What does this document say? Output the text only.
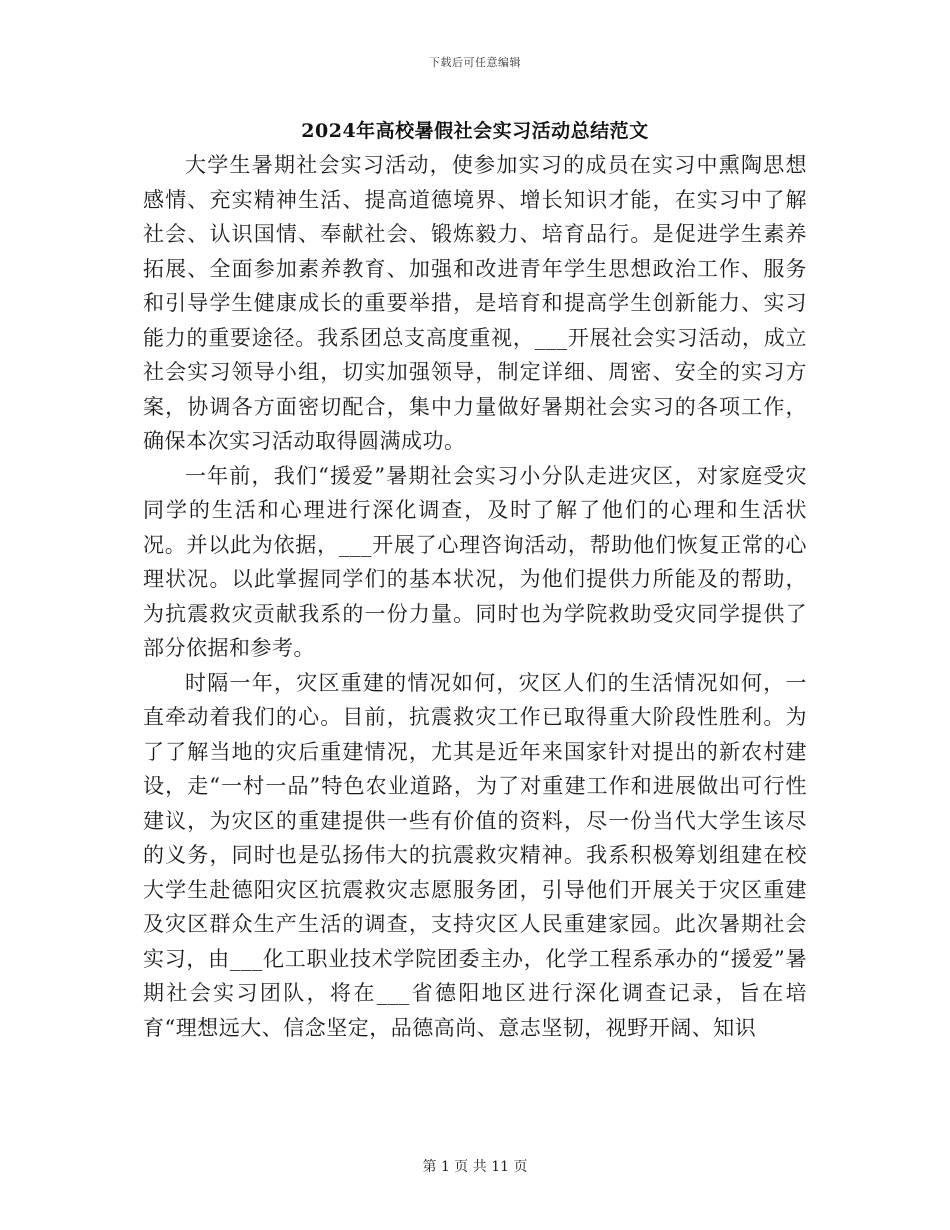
下载后可任意编辑
2024年高校暑假社会实习活动总结范文

大学生暑期社会实习活动，使参加实习的成员在实习中熏陶思想感情、充实精神生活、提高道德境界、增长知识才能，在实习中了解社会、认识国情、奉献社会、锻炼毅力、培育品行。是促进学生素养拓展、全面参加素养教育、加强和改进青年学生思想政治工作、服务和引导学生健康成长的重要举措，是培育和提高学生创新能力、实习能力的重要途径。我系团总支高度重视，___开展社会实习活动，成立社会实习领导小组，切实加强领导，制定详细、周密、安全的实习方案，协调各方面密切配合，集中力量做好暑期社会实习的各项工作，确保本次实习活动取得圆满成功。

一年前，我们“援爱”暑期社会实习小分队走进灾区，对家庭受灾同学的生活和心理进行深化调查，及时了解了他们的心理和生活状况。并以此为依据，___开展了心理咨询活动，帮助他们恢复正常的心理状况。以此掌握同学们的基本状况，为他们提供力所能及的帮助，为抗震救灾贡献我系的一份力量。同时也为学院救助受灾同学提供了部分依据和参考。

时隔一年，灾区重建的情况如何，灾区人们的生活情况如何，一直牵动着我们的心。目前，抗震救灾工作已取得重大阶段性胜利。为了了解当地的灾后重建情况，尤其是近年来国家针对提出的新农村建设，走“一村一品”特色农业道路，为了对重建工作和进展做出可行性建议，为灾区的重建提供一些有价值的资料，尽一份当代大学生该尽的义务，同时也是弘扬伟大的抗震救灾精神。我系积极筹划组建在校大学生赴德阳灾区抗震救灾志愿服务团，引导他们开展关于灾区重建及灾区群众生产生活的调查，支持灾区人民重建家园。此次暑期社会实习，由___化工职业技术学院团委主办，化学工程系承办的“援爱”暑期社会实习团队，将在___省德阳地区进行深化调查记录，旨在培育“理想远大、信念坚定，品德高尚、意志坚韧，视野开阔、知识

第 1 页 共 11 页
